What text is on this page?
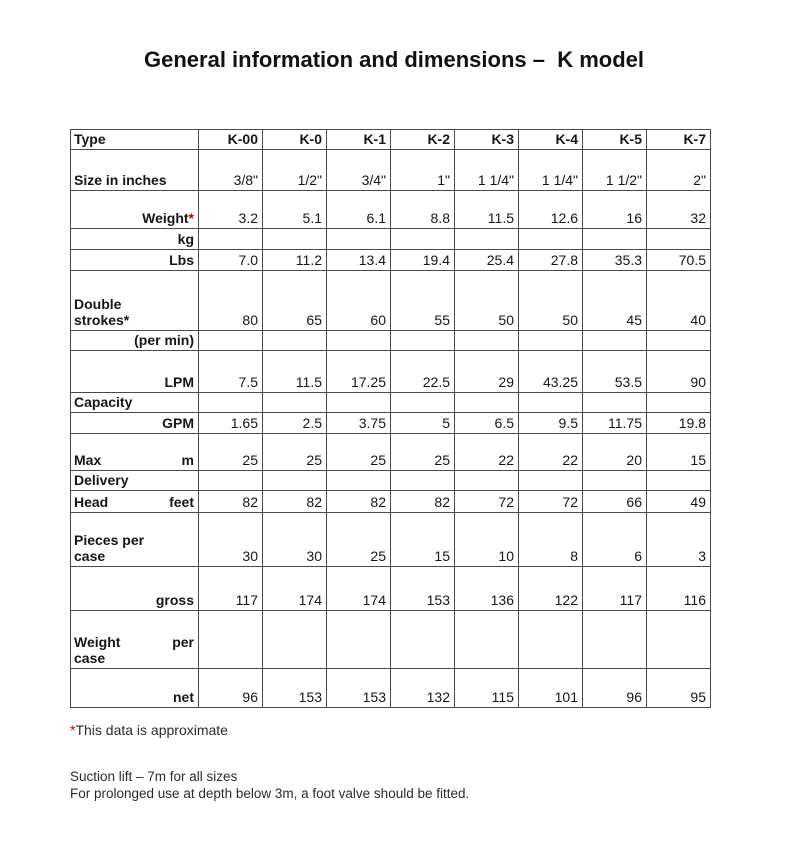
General information and dimensions –  K model
Type	K-00	K-0	K-1	K-2	K-3	K-4	K-5	K-7
Size in inches	3/8"	1/2"	3/4"	1"	1 1/4"	1 1/4"	1 1/2"	2"
Weight*	3.2	5.1	6.1	8.8	11.5	12.6	16	32
kg								
Lbs	7.0	11.2	13.4	19.4	25.4	27.8	35.3	70.5
Double
strokes*	80	65	60	55	50	50	45	40
(per min)								
LPM	7.5	11.5	17.25	22.5	29	43.25	53.5	90
Capacity								
GPM	1.65	2.5	3.75	5	6.5	9.5	11.75	19.8

Max m	25	25	25	25	22	22	20	15
Delivery								

Head feet	82	82	82	82	72	72	66	49
Pieces per
case	30	30	25	15	10	8	6	3
gross	117	174	174	153	136	122	117	116

Weight per
case								

net	96	153	153	132	115	101	96	95
*This data is approximate
Suction lift – 7m for all sizes
For prolonged use at depth below 3m, a foot valve should be fitted.
